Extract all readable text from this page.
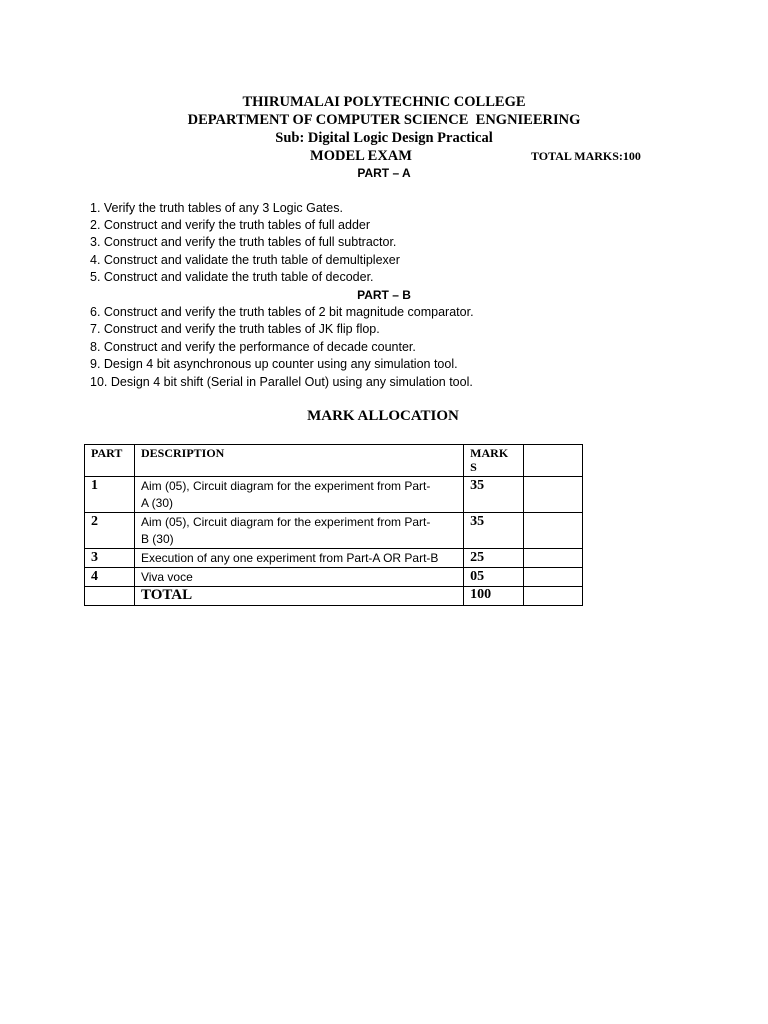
THIRUMALAI POLYTECHNIC COLLEGE
DEPARTMENT OF COMPUTER SCIENCE  ENGNIEERING
Sub: Digital Logic Design Practical
MODEL EXAM	TOTAL MARKS:100
PART – A
1. Verify the truth tables of any 3 Logic Gates.
2. Construct and verify the truth tables of full adder
3. Construct and verify the truth tables of full subtractor.
4. Construct and validate the truth table of demultiplexer
5. Construct and validate the truth table of decoder.
PART – B
6. Construct and verify the truth tables of 2 bit magnitude comparator.
7. Construct and verify the truth tables of JK flip flop.
8. Construct and verify the performance of decade counter.
9. Design 4 bit asynchronous up counter using any simulation tool.
10. Design 4 bit shift (Serial in Parallel Out) using any simulation tool.
MARK ALLOCATION
PART	DESCRIPTION	MARK
S	

1	Aim (05), Circuit diagram for the experiment from Part-
A (30)	35	
2	Aim (05), Circuit diagram for the experiment from Part-
B (30)	35	
3	Execution of any one experiment from Part-A OR Part-B	25	
4	Viva voce	05	
	TOTAL	100	
